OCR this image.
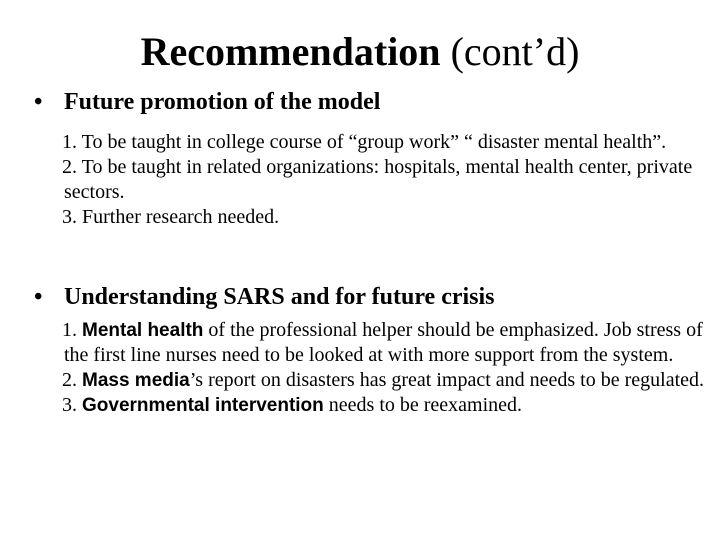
Recommendation (cont’d)
• Future promotion of the model

1. To be taught in college course of “group work” “ disaster mental health”.

2. To be taught in related organizations: hospitals, mental health center, private sectors.

3. Further research needed.

• Understanding SARS and for future crisis

1. Mental health of the professional helper should be emphasized. Job stress of the first line nurses need to be looked at with more support from the system.

2. Mass media’s report on disasters has great impact and needs to be regulated.

3. Governmental intervention needs to be reexamined.
